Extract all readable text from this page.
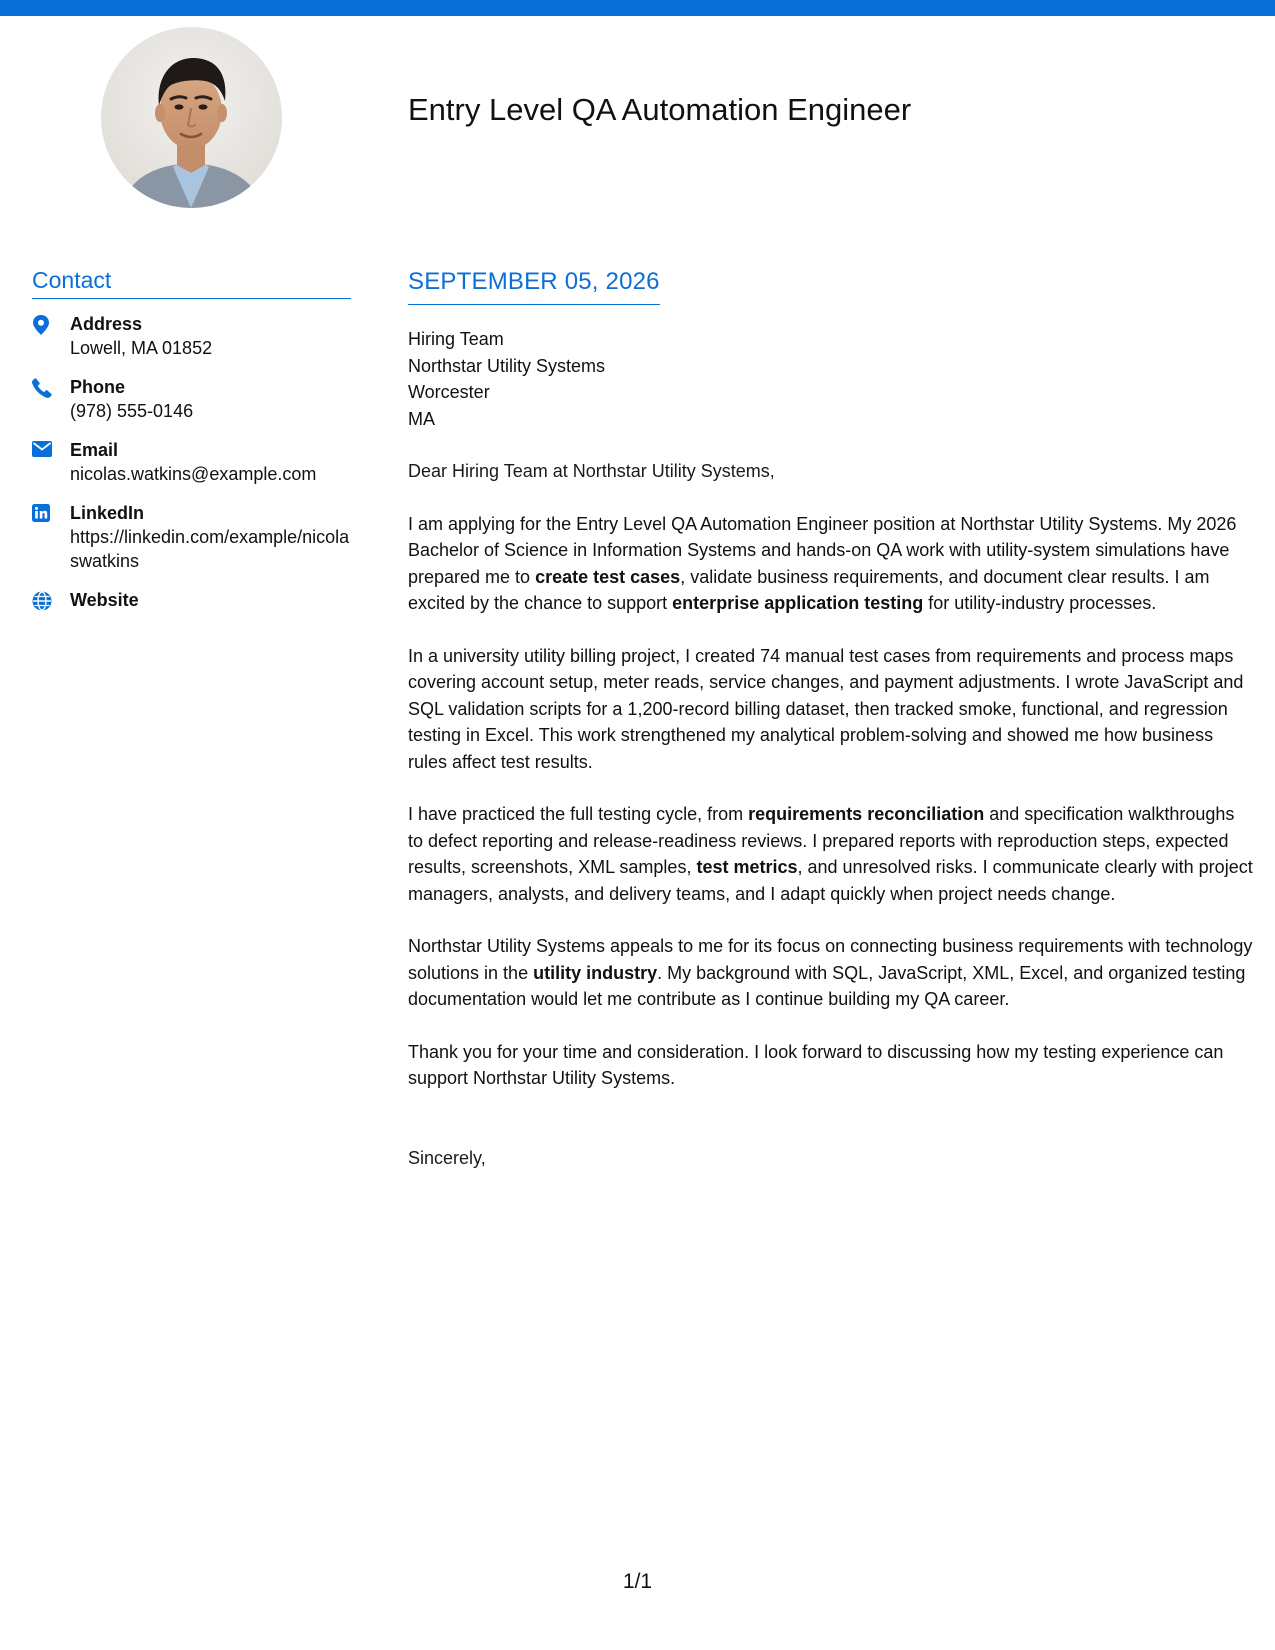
Entry Level QA Automation Engineer
Contact
Address
Lowell, MA 01852
Phone
(978) 555-0146
Email
nicolas.watkins@example.com
LinkedIn
https://linkedin.com/example/nicolaswatkins
Website
SEPTEMBER 05, 2026
Hiring Team
Northstar Utility Systems
Worcester
MA
Dear Hiring Team at Northstar Utility Systems,
I am applying for the Entry Level QA Automation Engineer position at Northstar Utility Systems. My 2026 Bachelor of Science in Information Systems and hands-on QA work with utility-system simulations have prepared me to create test cases, validate business requirements, and document clear results. I am excited by the chance to support enterprise application testing for utility-industry processes.
In a university utility billing project, I created 74 manual test cases from requirements and process maps covering account setup, meter reads, service changes, and payment adjustments. I wrote JavaScript and SQL validation scripts for a 1,200-record billing dataset, then tracked smoke, functional, and regression testing in Excel. This work strengthened my analytical problem-solving and showed me how business rules affect test results.
I have practiced the full testing cycle, from requirements reconciliation and specification walkthroughs to defect reporting and release-readiness reviews. I prepared reports with reproduction steps, expected results, screenshots, XML samples, test metrics, and unresolved risks. I communicate clearly with project managers, analysts, and delivery teams, and I adapt quickly when project needs change.
Northstar Utility Systems appeals to me for its focus on connecting business requirements with technology solutions in the utility industry. My background with SQL, JavaScript, XML, Excel, and organized testing documentation would let me contribute as I continue building my QA career.
Thank you for your time and consideration. I look forward to discussing how my testing experience can support Northstar Utility Systems.
Sincerely,
1/1
